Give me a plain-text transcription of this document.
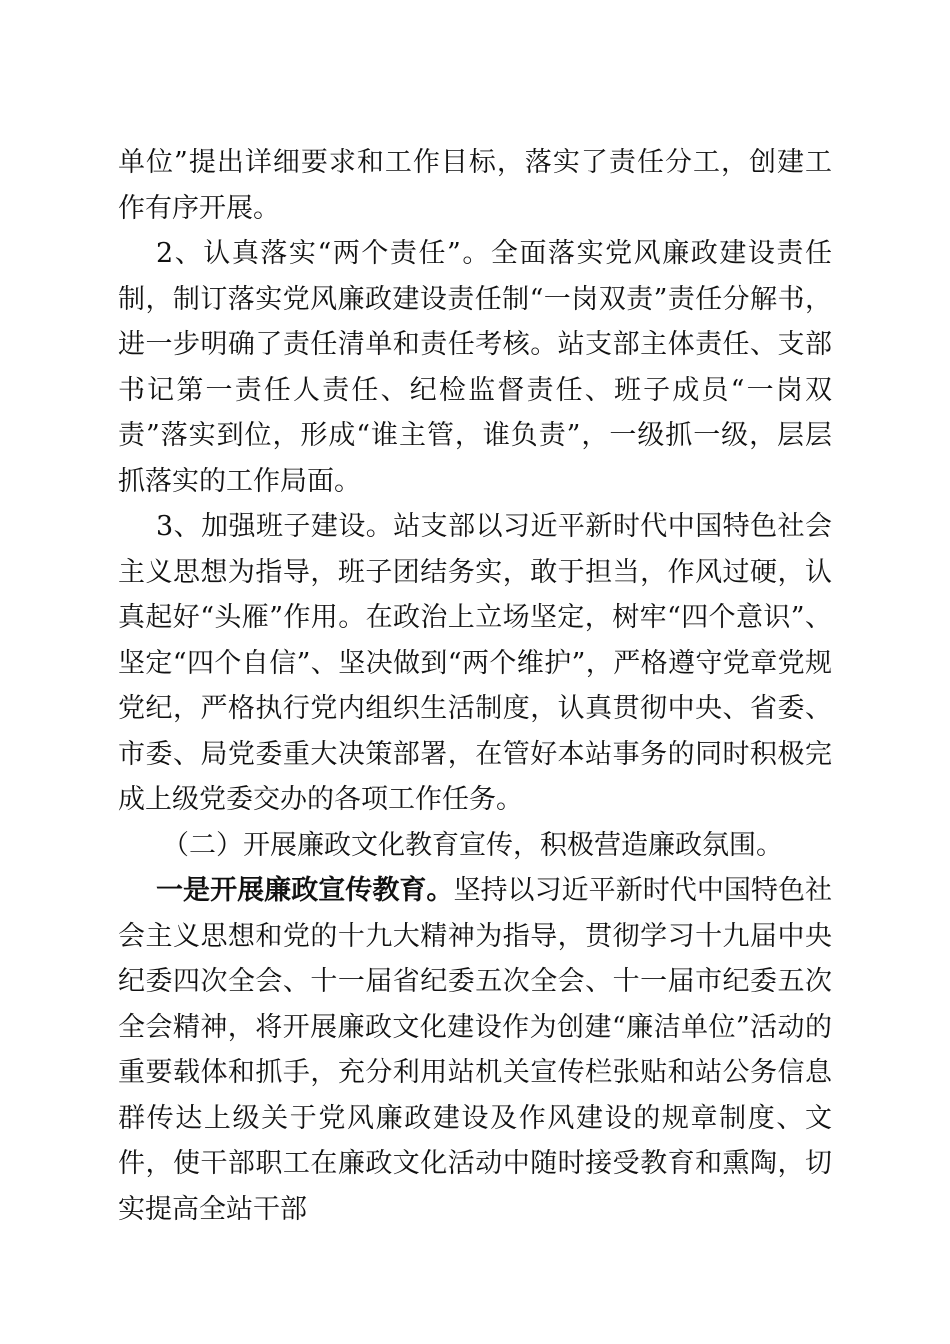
单位”提出详细要求和工作目标，落实了责任分工，创建工作有序开展。

2、认真落实“两个责任”。全面落实党风廉政建设责任制，制订落实党风廉政建设责任制“一岗双责”责任分解书，进一步明确了责任清单和责任考核。站支部主体责任、支部书记第一责任人责任、纪检监督责任、班子成员“一岗双责”落实到位，形成“谁主管，谁负责”，一级抓一级，层层抓落实的工作局面。

3、加强班子建设。站支部以习近平新时代中国特色社会主义思想为指导，班子团结务实，敢于担当，作风过硬，认真起好“头雁”作用。在政治上立场坚定，树牢“四个意识”、坚定“四个自信”、坚决做到“两个维护”，严格遵守党章党规党纪，严格执行党内组织生活制度，认真贯彻中央、省委、市委、局党委重大决策部署，在管好本站事务的同时积极完成上级党委交办的各项工作任务。

（二）开展廉政文化教育宣传，积极营造廉政氛围。

一是开展廉政宣传教育。坚持以习近平新时代中国特色社会主义思想和党的十九大精神为指导，贯彻学习十九届中央纪委四次全会、十一届省纪委五次全会、十一届市纪委五次全会精神，将开展廉政文化建设作为创建“廉洁单位”活动的重要载体和抓手，充分利用站机关宣传栏张贴和站公务信息群传达上级关于党风廉政建设及作风建设的规章制度、文件，使干部职工在廉政文化活动中随时接受教育和熏陶，切实提高全站干部
